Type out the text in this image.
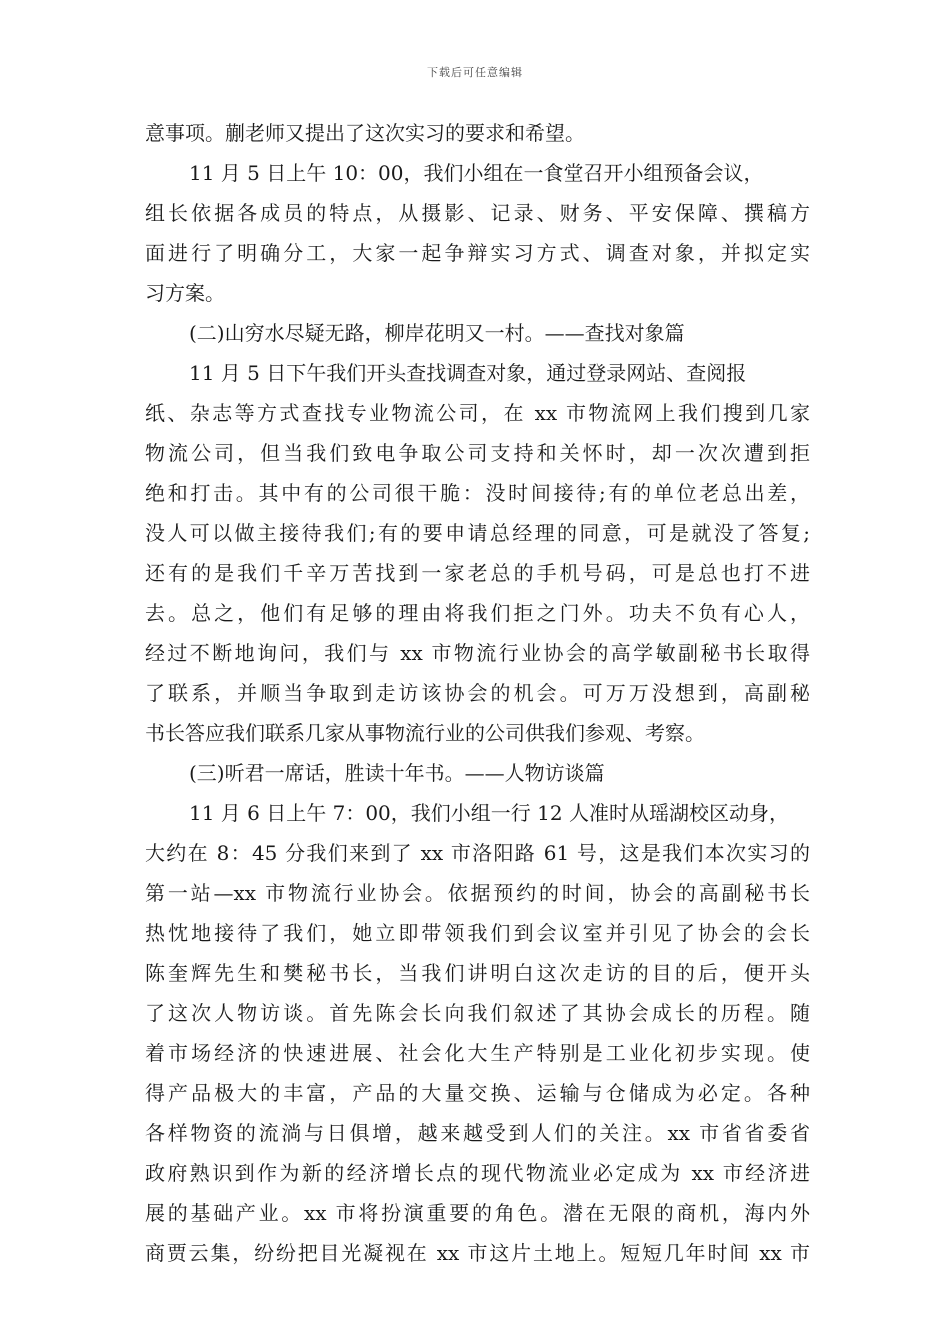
下载后可任意编辑
意事项。蒯老师又提出了这次实习的要求和希望。
11 月 5 日上午 10：00，我们小组在一食堂召开小组预备会议，
组长依据各成员的特点，从摄影、记录、财务、平安保障、撰稿方
面进行了明确分工，大家一起争辩实习方式、调查对象，并拟定实
习方案。
(二)山穷水尽疑无路，柳岸花明又一村。——查找对象篇
11 月 5 日下午我们开头查找调查对象，通过登录网站、查阅报
纸、杂志等方式查找专业物流公司，在 xx 市物流网上我们搜到几家
物流公司，但当我们致电争取公司支持和关怀时，却一次次遭到拒
绝和打击。其中有的公司很干脆：没时间接待;有的单位老总出差，
没人可以做主接待我们;有的要申请总经理的同意，可是就没了答复;
还有的是我们千辛万苦找到一家老总的手机号码，可是总也打不进
去。总之，他们有足够的理由将我们拒之门外。功夫不负有心人，
经过不断地询问，我们与 xx 市物流行业协会的高学敏副秘书长取得
了联系，并顺当争取到走访该协会的机会。可万万没想到，高副秘
书长答应我们联系几家从事物流行业的公司供我们参观、考察。
(三)听君一席话，胜读十年书。——人物访谈篇
11 月 6 日上午 7：00，我们小组一行 12 人准时从瑶湖校区动身，
大约在 8：45 分我们来到了 xx 市洛阳路 61 号，这是我们本次实习的
第一站—xx 市物流行业协会。依据预约的时间，协会的高副秘书长
热忱地接待了我们，她立即带领我们到会议室并引见了协会的会长
陈奎辉先生和樊秘书长，当我们讲明白这次走访的目的后，便开头
了这次人物访谈。首先陈会长向我们叙述了其协会成长的历程。随
着市场经济的快速进展、社会化大生产特别是工业化初步实现。使
得产品极大的丰富，产品的大量交换、运输与仓储成为必定。各种
各样物资的流淌与日俱增，越来越受到人们的关注。xx 市省省委省
政府熟识到作为新的经济增长点的现代物流业必定成为 xx 市经济进
展的基础产业。xx 市将扮演重要的角色。潜在无限的商机，海内外
商贾云集，纷纷把目光凝视在 xx 市这片土地上。短短几年时间 xx 市
